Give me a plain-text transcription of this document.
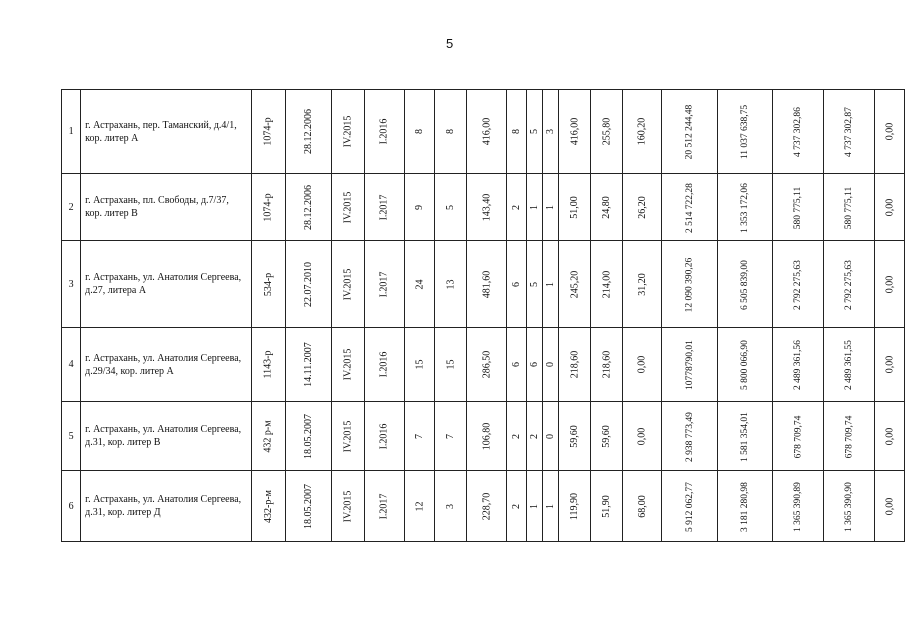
5
1	г. Астрахань, пер. Таманский, д.4/1, кор. литер А	1074-р	28.12.2006	IV.2015	I.2016	8	8	416,00	8	5	3	416,00	255,80	160,20	20 512 244,48	11 037 638,75	4 737 302,86	4 737 302,87	0,00
2	г. Астрахань, пл. Свободы, д.7/37, кор. литер В	1074-р	28.12.2006	IV.2015	I.2017	9	5	143,40	2	1	1	51,00	24,80	26,20	2 514 722,28	1 353 172,06	580 775,11	580 775,11	0,00
3	г. Астрахань, ул. Анатолия Сергеева, д.27, литера А	534-р	22.07.2010	IV.2015	I.2017	24	13	481,60	6	5	1	245,20	214,00	31,20	12 090 390,26	6 505 839,00	2 792 275,63	2 792 275,63	0,00
4	г. Астрахань, ул. Анатолия Сергеева, д.29/34, кор. литер А	1143-р	14.11.2007	IV.2015	I.2016	15	15	286,50	6	6	0	218,60	218,60	0,00	10778790,01	5 800 066,90	2 489 361,56	2 489 361,55	0,00
5	г. Астрахань, ул. Анатолия Сергеева, д.31, кор. литер В	432 р-м	18.05.2007	IV.2015	I.2016	7	7	106,80	2	2	0	59,60	59,60	0,00	2 938 773,49	1 581 354,01	678 709,74	678 709,74	0,00
6	г. Астрахань, ул. Анатолия Сергеева, д.31, кор. литер Д	432-р-м	18.05.2007	IV.2015	I.2017	12	3	228,70	2	1	1	119,90	51,90	68,00	5 912 062,77	3 181 280,98	1 365 390,89	1 365 390,90	0,00
